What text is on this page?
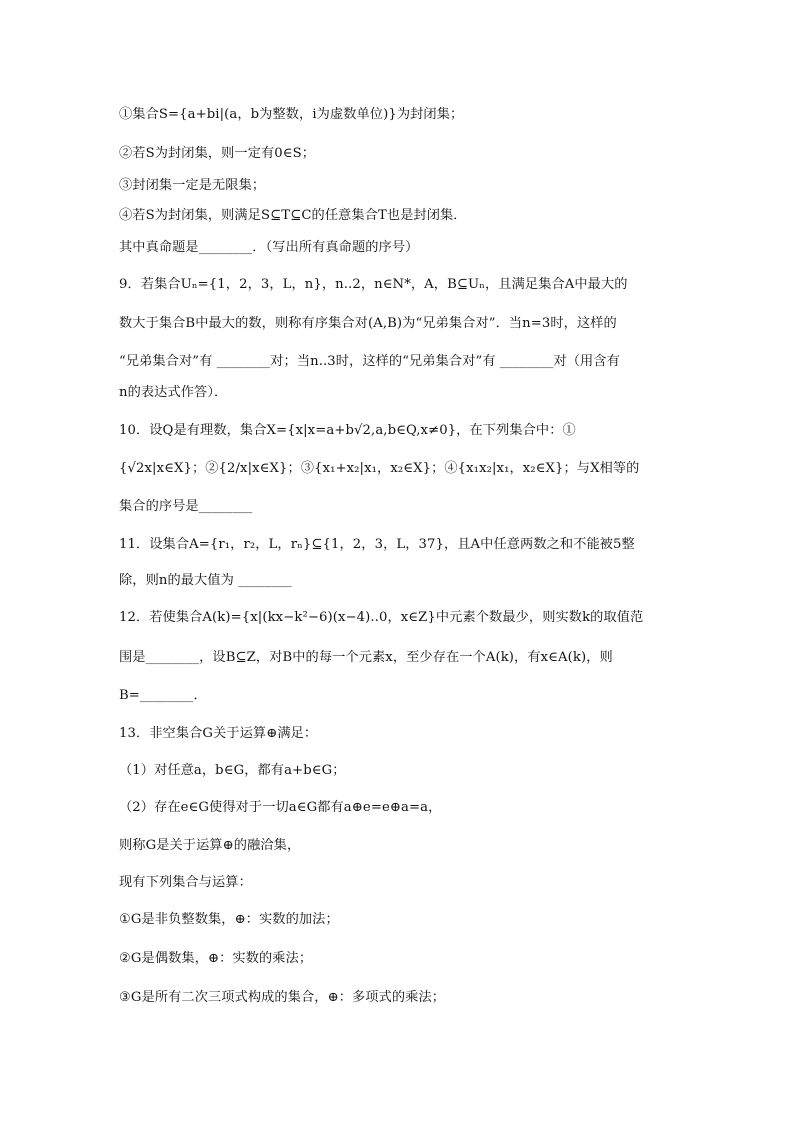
①集合S={a+bi|(a，b为整数，i为虚数单位)}为封闭集；
②若S为封闭集，则一定有0∈S；
③封闭集一定是无限集；
④若S为封闭集，则满足S⊆T⊆C的任意集合T也是封闭集．
其中真命题是________．（写出所有真命题的序号）
9．若集合Uₙ={1，2，3，L，n}，n..2，n∈N*，A，B⊆Uₙ，且满足集合A中最大的
数大于集合B中最大的数，则称有序集合对(A,B)为“兄弟集合对”．当n=3时，这样的
“兄弟集合对”有 ________对；当n..3时，这样的“兄弟集合对”有 ________对（用含有
n的表达式作答）．
10．设Q是有理数，集合X={x|x=a+b√2,a,b∈Q,x≠0}，在下列集合中：①
{√2x|x∈X}；②{2/x|x∈X}；③{x₁+x₂|x₁，x₂∈X}；④{x₁x₂|x₁，x₂∈X}；与X相等的
集合的序号是________
11．设集合A={r₁，r₂，L，rₙ}⊆{1，2，3，L，37}，且A中任意两数之和不能被5整
除，则n的最大值为 ________
12．若使集合A(k)={x|(kx−k²−6)(x−4)..0，x∈Z}中元素个数最少，则实数k的取值范
围是________，设B⊆Z，对B中的每一个元素x，至少存在一个A(k)，有x∈A(k)，则
B=________．
13．非空集合G关于运算⊕满足：
（1）对任意a，b∈G，都有a+b∈G；
（2）存在e∈G使得对于一切a∈G都有a⊕e=e⊕a=a，
则称G是关于运算⊕的融洽集，
现有下列集合与运算：
①G是非负整数集，⊕：实数的加法；
②G是偶数集，⊕：实数的乘法；
③G是所有二次三项式构成的集合，⊕：多项式的乘法；
